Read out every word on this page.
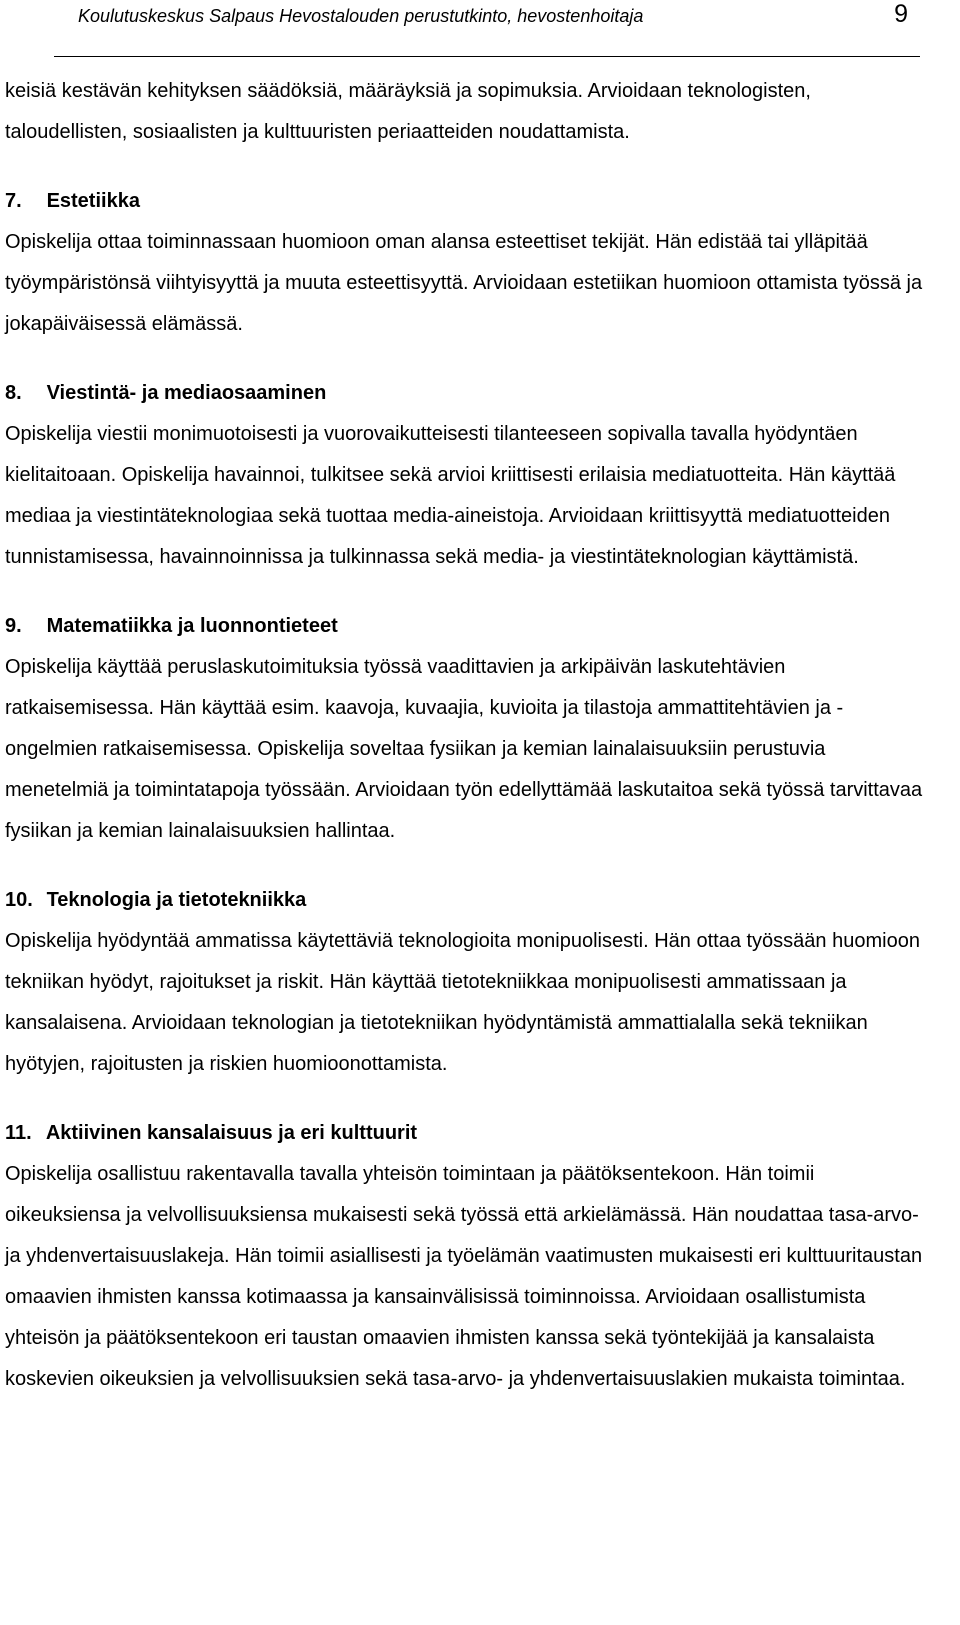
Koulutuskeskus Salpaus Hevostalouden perustutkinto, hevostenhoitaja	9

keisiä kestävän kehityksen säädöksiä, määräyksiä ja sopimuksia. Arvioidaan teknologisten, taloudellisten, sosiaalisten ja kulttuuristen periaatteiden noudattamista.

7. Estetiikka

Opiskelija ottaa toiminnassaan huomioon oman alansa esteettiset tekijät. Hän edistää tai ylläpitää työympäristönsä viihtyisyyttä ja muuta esteettisyyttä. Arvioidaan estetiikan huomioon ottamista työssä ja jokapäiväisessä elämässä.

8. Viestintä- ja mediaosaaminen

Opiskelija viestii monimuotoisesti ja vuorovaikutteisesti tilanteeseen sopivalla tavalla hyödyntäen kielitaitoaan. Opiskelija havainnoi, tulkitsee sekä arvioi kriittisesti erilaisia mediatuotteita. Hän käyttää mediaa ja viestintäteknologiaa sekä tuottaa media-aineistoja. Arvioidaan kriittisyyttä mediatuotteiden tunnistamisessa, havainnoinnissa ja tulkinnassa sekä media- ja viestintäteknologian käyttämistä.

9. Matematiikka ja luonnontieteet

Opiskelija käyttää peruslaskutoimituksia työssä vaadittavien ja arkipäivän laskutehtävien ratkaisemisessa. Hän käyttää esim. kaavoja, kuvaajia, kuvioita ja tilastoja ammattitehtävien ja -ongelmien ratkaisemisessa. Opiskelija soveltaa fysiikan ja kemian lainalaisuuksiin perustuvia menetelmiä ja toimintatapoja työssään. Arvioidaan työn edellyttämää laskutaitoa sekä työssä tarvittavaa fysiikan ja kemian lainalaisuuksien hallintaa.

10. Teknologia ja tietotekniikka

Opiskelija hyödyntää ammatissa käytettäviä teknologioita monipuolisesti. Hän ottaa työssään huomioon tekniikan hyödyt, rajoitukset ja riskit. Hän käyttää tietotekniikkaa monipuolisesti ammatissaan ja kansalaisena. Arvioidaan teknologian ja tietotekniikan hyödyntämistä ammattialalla sekä tekniikan hyötyjen, rajoitusten ja riskien huomioonottamista.

11. Aktiivinen kansalaisuus ja eri kulttuurit

Opiskelija osallistuu rakentavalla tavalla yhteisön toimintaan ja päätöksentekoon. Hän toimii oikeuksiensa ja velvollisuuksiensa mukaisesti sekä työssä että arkielämässä. Hän noudattaa tasa-arvo- ja yhdenvertaisuuslakeja. Hän toimii asiallisesti ja työelämän vaatimusten mukaisesti eri kulttuuritaustan omaavien ihmisten kanssa kotimaassa ja kansainvälisissä toiminnoissa. Arvioidaan osallistumista yhteisön ja päätöksentekoon eri taustan omaavien ihmisten kanssa sekä työntekijää ja kansalaista koskevien oikeuksien ja velvollisuuksien sekä tasa-arvo- ja yhdenvertaisuuslakien mukaista toimintaa.
